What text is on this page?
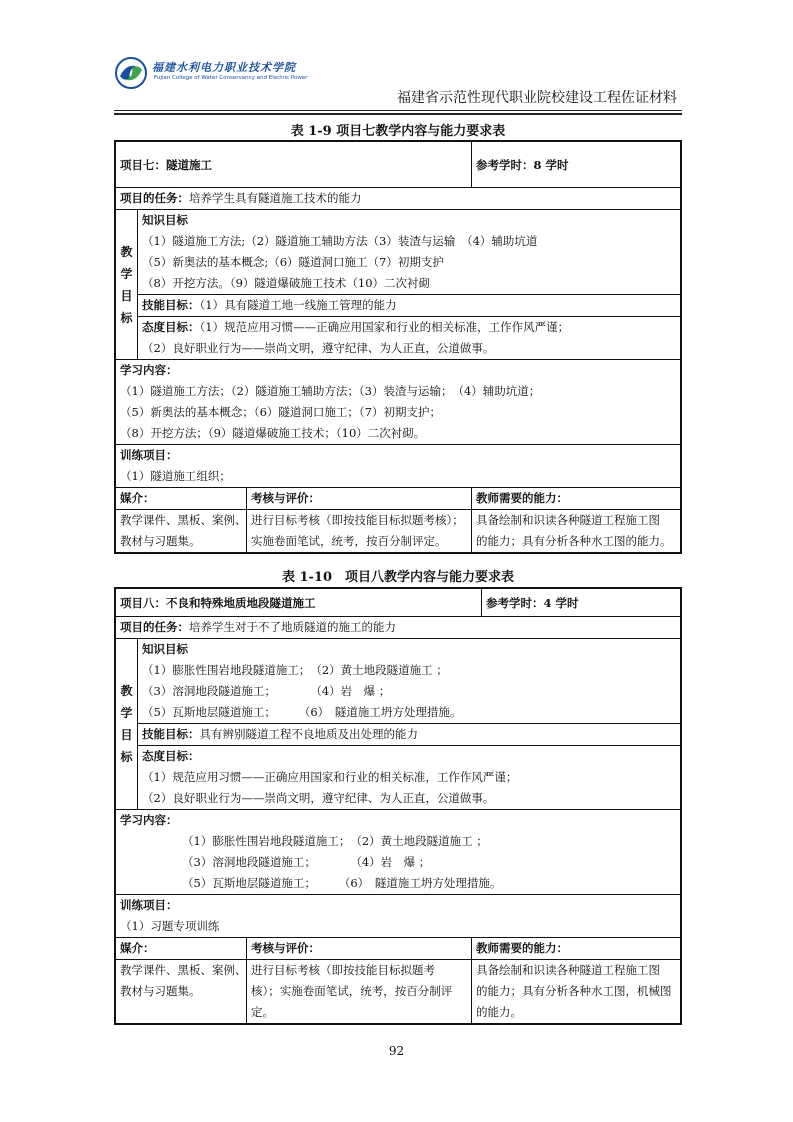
福建水利电力职业技术学院
Fujian College of Water Conservancy and Electric Power
福建省示范性现代职业院校建设工程佐证材料
表 1-9 项目七教学内容与能力要求表
项目七：隧道施工	参考学时：8 学时
项目的任务：培养学生具有隧道施工技术的能力
教
学
目
标
知识目标
（1）隧道施工方法;（2）隧道施工辅助方法（3）装渣与运输　（4）辅助坑道
（5）新奥法的基本概念;（6）隧道洞口施工（7）初期支护
（8）开挖方法。（9）隧道爆破施工技术（10）二次衬砌
技能目标：（1）具有隧道工地一线施工管理的能力
态度目标：（1）规范应用习惯——正确应用国家和行业的相关标准，工作作风严谨；
（2）良好职业行为——崇尚文明，遵守纪律、为人正直，公道做事。
学习内容：
（1）隧道施工方法；（2）隧道施工辅助方法；（3）装渣与运输；　（4）辅助坑道；
（5）新奥法的基本概念；（6）隧道洞口施工；（7）初期支护；
（8）开挖方法；（9）隧道爆破施工技术；（10）二次衬砌。
训练项目：
（1）隧道施工组织；
媒介：
教学课件、黑板、案例、
教材与习题集。
考核与评价：
进行目标考核（即按技能目标拟题考核）；
实施卷面笔试，统考，按百分制评定。
教师需要的能力：
具备绘制和识读各种隧道工程施工图
的能力；具有分析各种水工图的能力。
表 1-10　项目八教学内容与能力要求表
项目八：不良和特殊地质地段隧道施工	参考学时：4 学时
项目的任务：培养学生对于不了地质隧道的施工的能力
教
学
目
标
知识目标
（1）膨胀性围岩地段隧道施工；　（2）黄土地段隧道施工 ；
（3）溶洞地段隧道施工；　　　　（4）岩　爆 ；
（5）瓦斯地层隧道施工；　　　（6）　隧道施工坍方处理措施。
技能目标：具有辨别隧道工程不良地质及出处理的能力
态度目标：
（1）规范应用习惯——正确应用国家和行业的相关标准，工作作风严谨；
（2）良好职业行为——崇尚文明，遵守纪律、为人正直，公道做事。
学习内容：
（1）膨胀性围岩地段隧道施工；　（2）黄土地段隧道施工 ；
（3）溶洞地段隧道施工；　　　　（4）岩　爆 ；
（5）瓦斯地层隧道施工；　　　（6）　隧道施工坍方处理措施。
训练项目：
（1）习题专项训练
媒介：
教学课件、黑板、案例、
教材与习题集。
考核与评价：
进行目标考核（即按技能目标拟题考
核）；实施卷面笔试，统考，按百分制评
定。
教师需要的能力：
具备绘制和识读各种隧道工程施工图
的能力；具有分析各种水工图，机械图
的能力。
92
